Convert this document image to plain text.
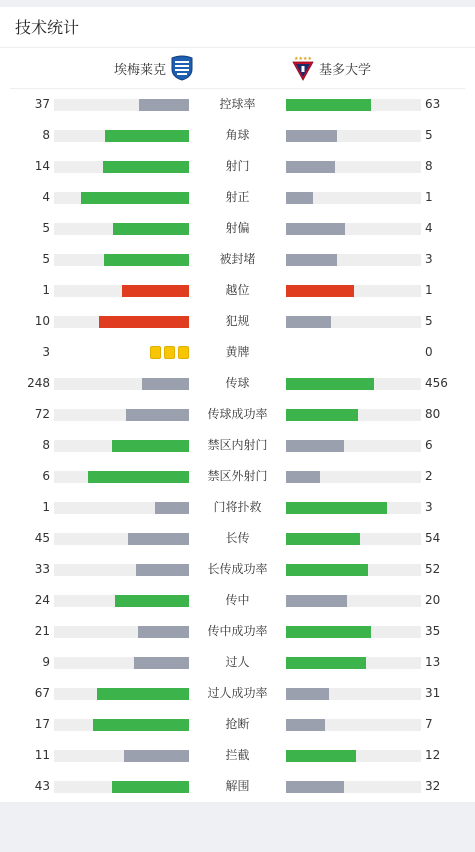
技术统计
埃梅莱克
★★★★
基多大学
37	控球率	63
8	角球	5
14	射门	8
4	射正	1
5	射偏	4
5	被封堵	3
1	越位	1
10	犯规	5
3	黄牌	0
248	传球	456
72	传球成功率	80
8	禁区内射门	6
6	禁区外射门	2
1	门将扑救	3
45	长传	54
33	长传成功率	52
24	传中	20
21	传中成功率	35
9	过人	13
67	过人成功率	31
17	抢断	7
11	拦截	12
43	解围	32
